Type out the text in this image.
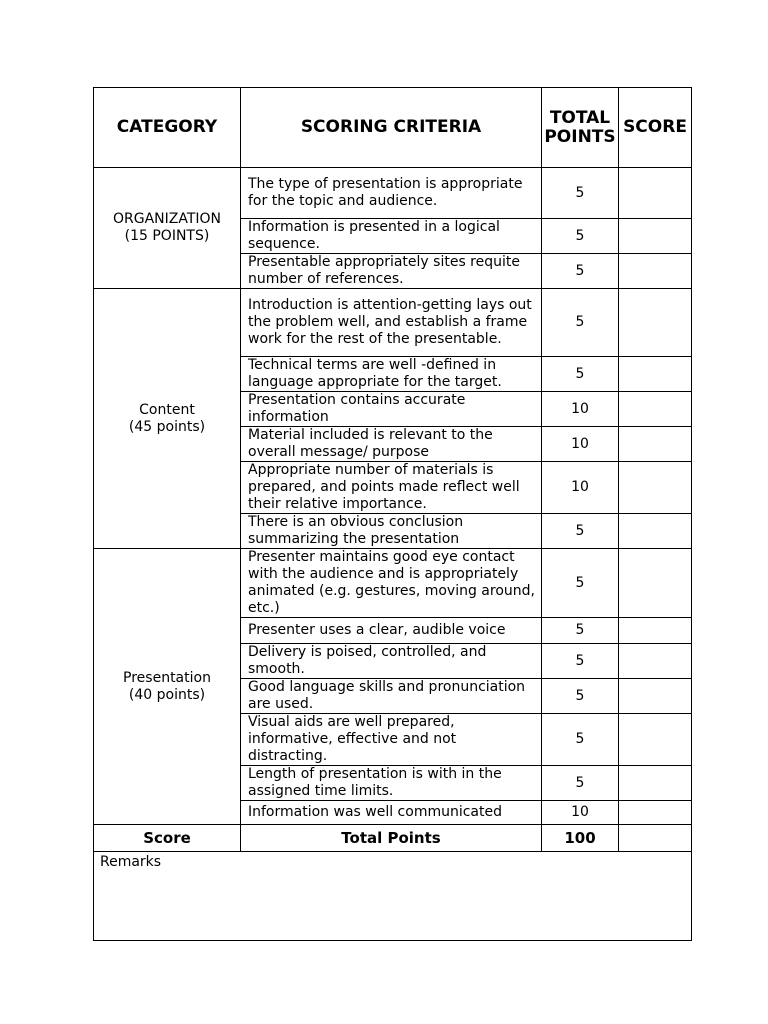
CATEGORY	SCORING CRITERIA	TOTAL POINTS	SCORE
ORGANIZATION
(15 POINTS)	The type of presentation is appropriate for the topic and audience.	5	
	Information is presented in a logical sequence.	5	
	Presentable appropriately sites requite number of references.	5	
Content
(45 points)	Introduction is attention-getting lays out the problem well, and establish a frame work for the rest of the presentable.	5	
	Technical terms are well -defined in language appropriate for the target.	5	
	Presentation contains accurate information	10	
	Material included is relevant to the overall message/ purpose	10	
	Appropriate number of materials is prepared, and points made reflect well their relative importance.	10	
	There is an obvious conclusion summarizing the presentation	5	
Presentation
(40 points)	Presenter maintains good eye contact with the audience and is appropriately animated (e.g. gestures, moving around, etc.)	5	
	Presenter uses a clear, audible voice	5	
	Delivery is poised, controlled, and smooth.	5	
	Good language skills and pronunciation are used.	5	
	Visual aids are well prepared, informative, effective and not distracting.	5	
	Length of presentation is with in the assigned time limits.	5	
	Information was well communicated	10	
Score	Total Points	100	
Remarks			
